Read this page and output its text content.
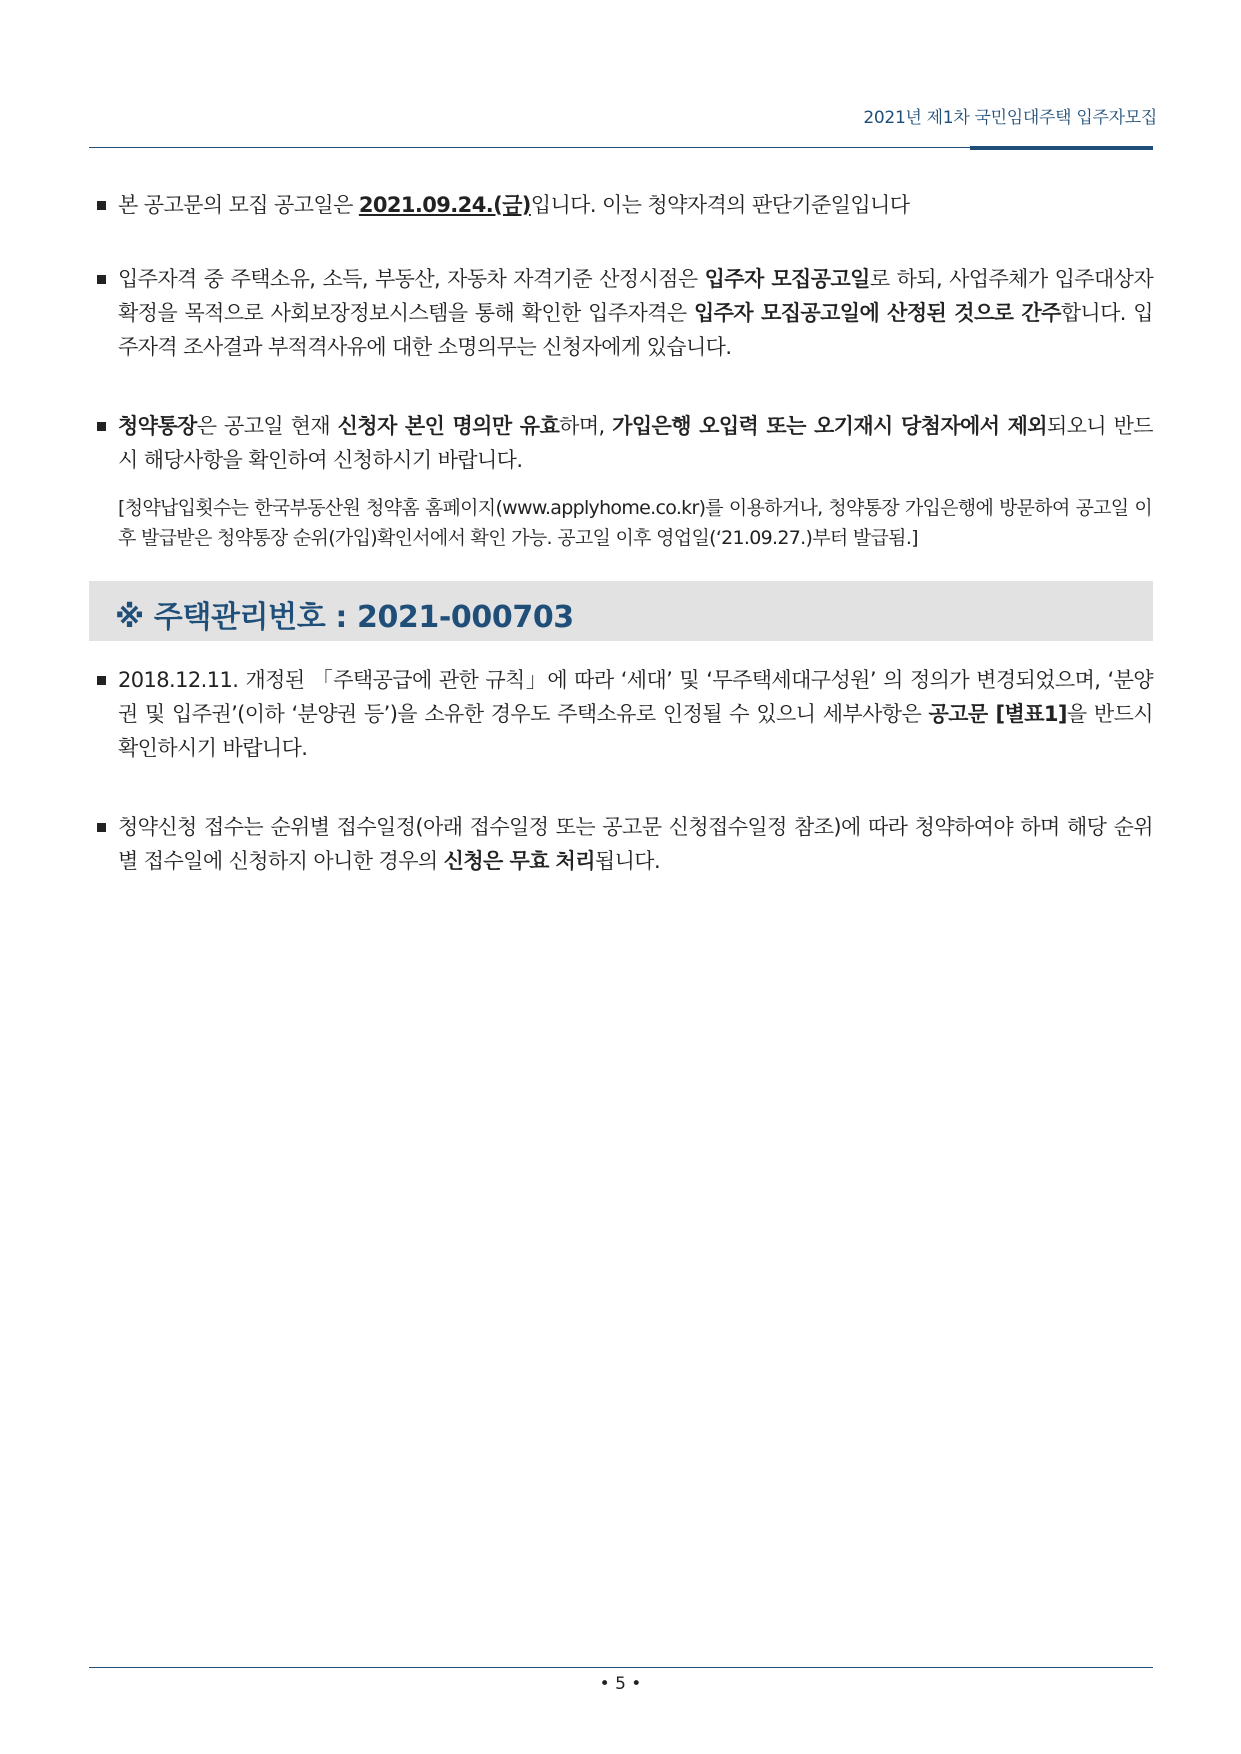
2021년 제1차 국민임대주택 입주자모집
본 공고문의 모집 공고일은 2021.09.24.(금)입니다. 이는 청약자격의 판단기준일입니다
입주자격 중 주택소유, 소득, 부동산, 자동차 자격기준 산정시점은 입주자 모집공고일로 하되, 사업주체가 입주대상자 확정을 목적으로 사회보장정보시스템을 통해 확인한 입주자격은 입주자 모집공고일에 산정된 것으로 간주합니다. 입주자격 조사결과 부적격사유에 대한 소명의무는 신청자에게 있습니다.
청약통장은 공고일 현재 신청자 본인 명의만 유효하며, 가입은행 오입력 또는 오기재시 당첨자에서 제외되오니 반드시 해당사항을 확인하여 신청하시기 바랍니다.
[청약납입횟수는 한국부동산원 청약홈 홈페이지(www.applyhome.co.kr)를 이용하거나, 청약통장 가입은행에 방문하여 공고일 이후 발급받은 청약통장 순위(가입)확인서에서 확인 가능. 공고일 이후 영업일(‘21.09.27.)부터 발급됨.]
※ 주택관리번호 : 2021-000703
2018.12.11. 개정된 「주택공급에 관한 규칙」에 따라 ‘세대’ 및 ‘무주택세대구성원’ 의 정의가 변경되었으며, ‘분양권 및 입주권’(이하 ‘분양권 등’)을 소유한 경우도 주택소유로 인정될 수 있으니 세부사항은 공고문 [별표1]을 반드시 확인하시기 바랍니다.
청약신청 접수는 순위별 접수일정(아래 접수일정 또는 공고문 신청접수일정 참조)에 따라 청약하여야 하며 해당 순위별 접수일에 신청하지 아니한 경우의 신청은 무효 처리됩니다.
• 5 •
